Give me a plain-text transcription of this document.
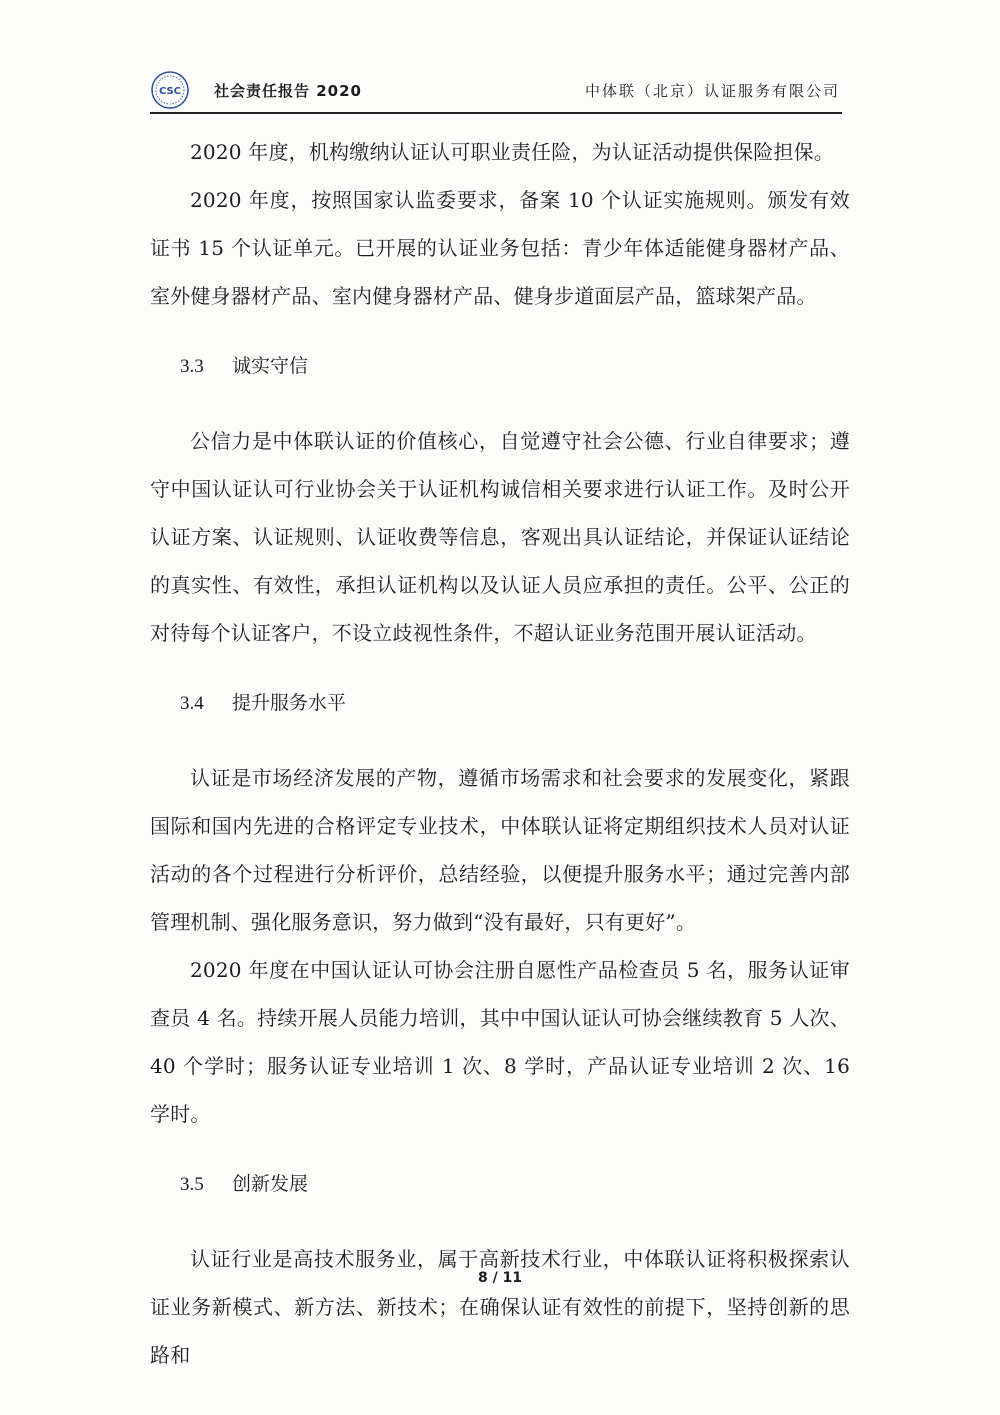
CSC 社会责任报告 2020	中体联（北京）认证服务有限公司

2020 年度，机构缴纳认证认可职业责任险，为认证活动提供保险担保。

2020 年度，按照国家认监委要求，备案 10 个认证实施规则。颁发有效证书 15 个认证单元。已开展的认证业务包括：青少年体适能健身器材产品、室外健身器材产品、室内健身器材产品、健身步道面层产品，篮球架产品。

3.3 诚实守信

公信力是中体联认证的价值核心，自觉遵守社会公德、行业自律要求；遵守中国认证认可行业协会关于认证机构诚信相关要求进行认证工作。及时公开认证方案、认证规则、认证收费等信息，客观出具认证结论，并保证认证结论的真实性、有效性，承担认证机构以及认证人员应承担的责任。公平、公正的对待每个认证客户，不设立歧视性条件，不超认证业务范围开展认证活动。

3.4 提升服务水平

认证是市场经济发展的产物，遵循市场需求和社会要求的发展变化，紧跟国际和国内先进的合格评定专业技术，中体联认证将定期组织技术人员对认证活动的各个过程进行分析评价，总结经验，以便提升服务水平；通过完善内部管理机制、强化服务意识，努力做到“没有最好，只有更好”。

2020 年度在中国认证认可协会注册自愿性产品检查员 5 名，服务认证审查员 4 名。持续开展人员能力培训，其中中国认证认可协会继续教育 5 人次、40 个学时；服务认证专业培训 1 次、8 学时，产品认证专业培训 2 次、16 学时。

3.5 创新发展

认证行业是高技术服务业，属于高新技术行业，中体联认证将积极探索认证业务新模式、新方法、新技术；在确保认证有效性的前提下，坚持创新的思路和

8 / 11
